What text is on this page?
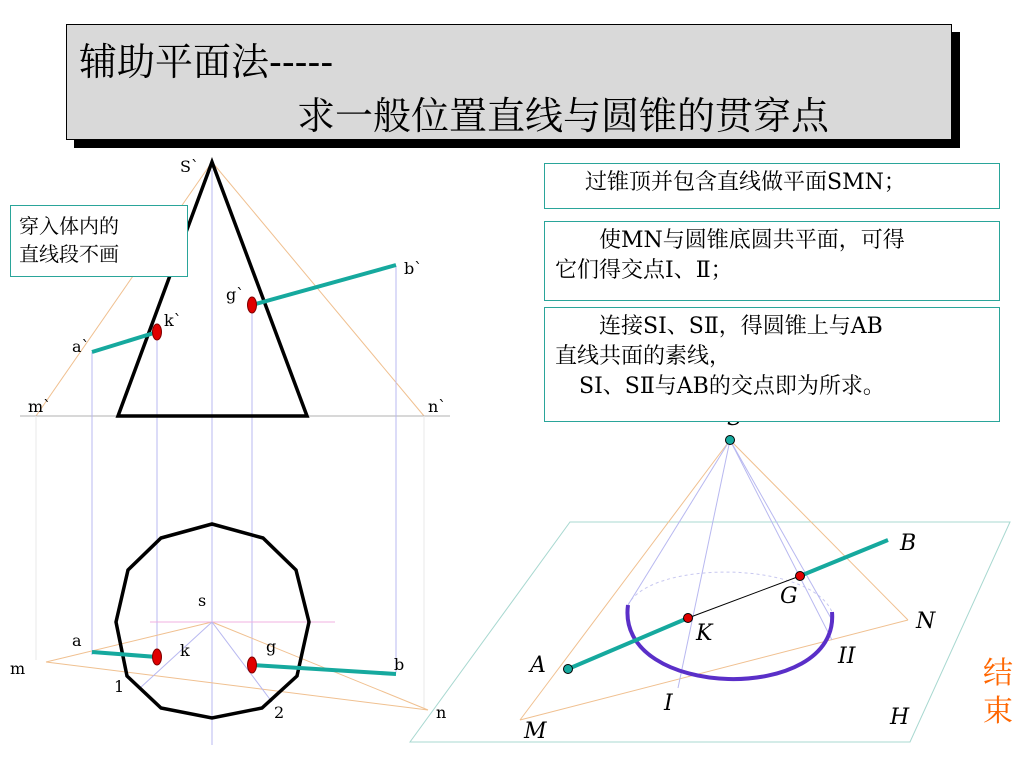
辅助平面法-----
求一般位置直线与圆锥的贯穿点
S`
a`
b`
k`
g`
m`	n`
s
a
b
k	g
m
n
1
2
A
B
K
G
M
N
H
I
II
穿入体内的
直线段不画

过锥顶并包含直线做平面SMN；

使MN与圆锥底圆共平面，可得

它们得交点Ⅰ、Ⅱ；

连接SⅠ、SⅡ，得圆锥上与AB

直线共面的素线，

SⅠ、SⅡ与AB的交点即为所求。

结
束
